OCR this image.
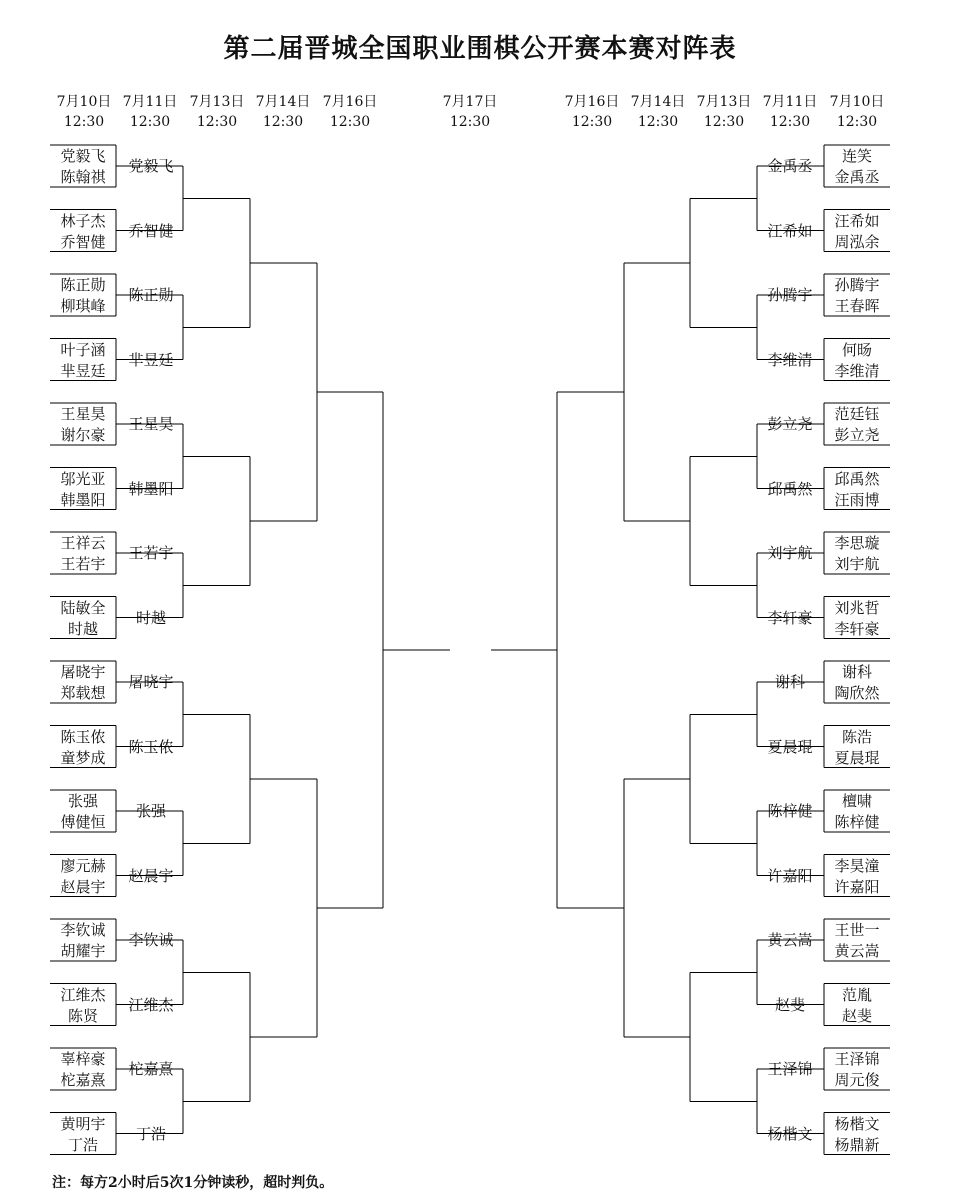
第二届晋城全国职业围棋公开赛本赛对阵表
7月10日
12:30
7月11日
12:30
7月13日
12:30
7月14日
12:30
7月16日
12:30
7月16日
12:30
7月14日
12:30
7月13日
12:30
7月11日
12:30
7月10日
12:30
7月17日
12:30
党毅飞
陈翰祺
林子杰
乔智健
陈正勋
柳琪峰
叶子涵
芈昱廷
王星昊
谢尔豪
邬光亚
韩墨阳
王祥云
王若宇
陆敏全
时越
屠晓宇
郑载想
陈玉侬
童梦成
张强
傅健恒
廖元赫
赵晨宇
李钦诚
胡耀宇
江维杰
陈贤
辜梓豪
柁嘉熹
黄明宇
丁浩
党毅飞
乔智健
陈正勋
芈昱廷
王星昊
韩墨阳
王若宇
时越
屠晓宇
陈玉侬
张强
赵晨宇
李钦诚
江维杰
柁嘉熹
丁浩
连笑
金禹丞
汪希如
周泓余
孙腾宇
王春晖
何旸
李维清
范廷钰
彭立尧
邱禹然
汪雨博
李思璇
刘宇航
刘兆哲
李轩豪
谢科
陶欣然
陈浩
夏晨琨
檀啸
陈梓健
李昊潼
许嘉阳
王世一
黄云嵩
范胤
赵斐
王泽锦
周元俊
杨楷文
杨鼎新
金禹丞
汪希如
孙腾宇
李维清
彭立尧
邱禹然
刘宇航
李轩豪
谢科
夏晨琨
陈梓健
许嘉阳
黄云嵩
赵斐
王泽锦
杨楷文
注：每方2小时后5次1分钟读秒，超时判负。
